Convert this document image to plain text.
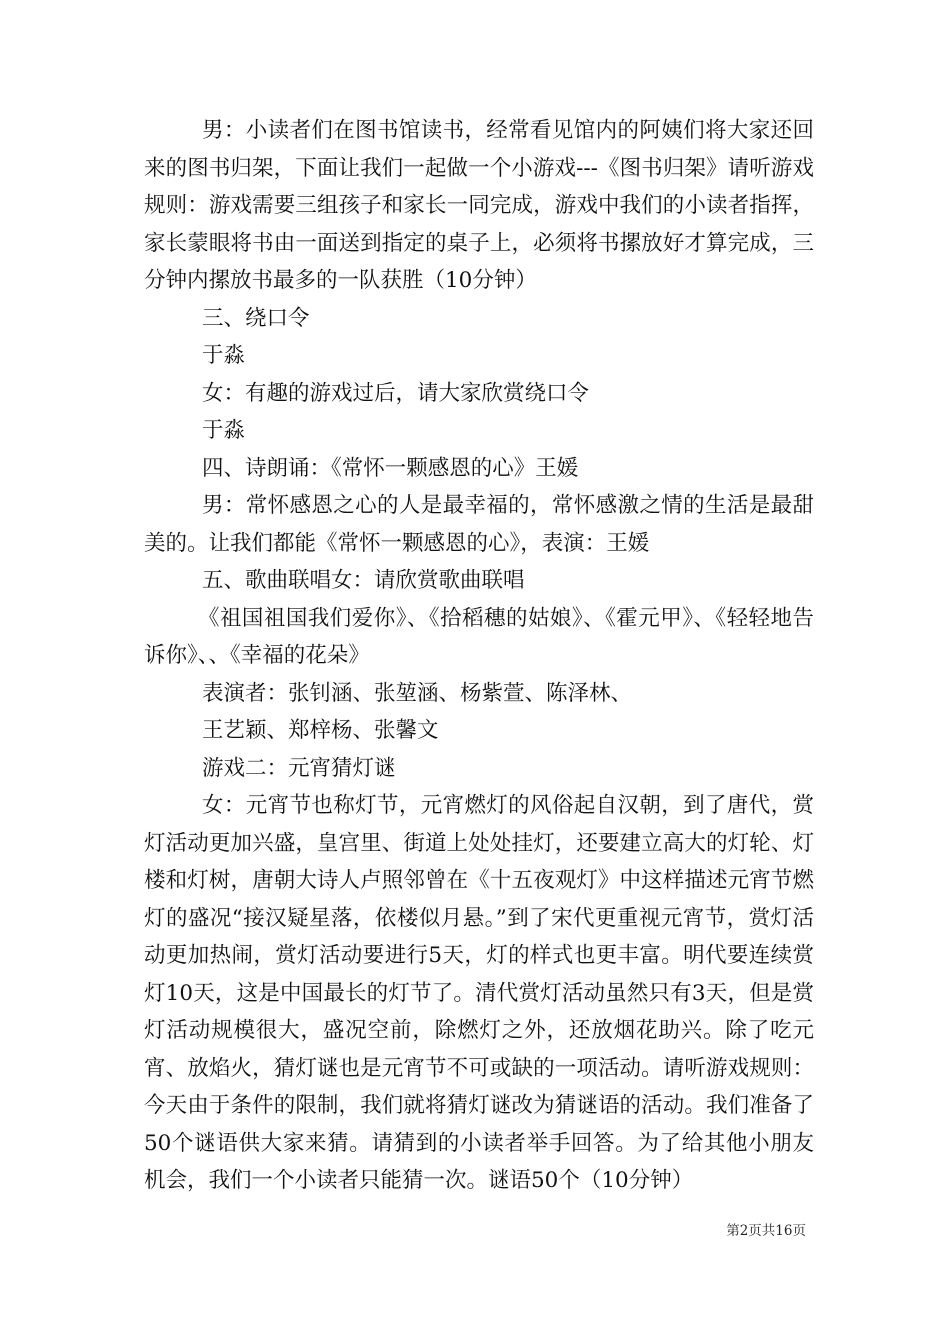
男：小读者们在图书馆读书，经常看见馆内的阿姨们将大家还回来的图书归架，下面让我们一起做一个小游戏---《图书归架》请听游戏规则：游戏需要三组孩子和家长一同完成，游戏中我们的小读者指挥，家长蒙眼将书由一面送到指定的桌子上，必须将书摞放好才算完成，三分钟内摞放书最多的一队获胜（10分钟）

三、绕口令

于淼

女：有趣的游戏过后，请大家欣赏绕口令

于淼

四、诗朗诵：《常怀一颗感恩的心》王媛

男：常怀感恩之心的人是最幸福的，常怀感激之情的生活是最甜美的。让我们都能《常怀一颗感恩的心》，表演：王媛

五、歌曲联唱女：请欣赏歌曲联唱

《祖国祖国我们爱你》、《拾稻穗的姑娘》、《霍元甲》、《轻轻地告诉你》、、《幸福的花朵》

表演者：张钊涵、张堃涵、杨紫萱、陈泽林、

王艺颖、郑梓杨、张馨文

游戏二：元宵猜灯谜

女：元宵节也称灯节，元宵燃灯的风俗起自汉朝，到了唐代，赏灯活动更加兴盛，皇宫里、街道上处处挂灯，还要建立高大的灯轮、灯楼和灯树，唐朝大诗人卢照邻曾在《十五夜观灯》中这样描述元宵节燃灯的盛况“接汉疑星落，依楼似月悬。”到了宋代更重视元宵节，赏灯活动更加热闹，赏灯活动要进行5天，灯的样式也更丰富。明代要连续赏灯10天，这是中国最长的灯节了。清代赏灯活动虽然只有3天，但是赏灯活动规模很大，盛况空前，除燃灯之外，还放烟花助兴。除了吃元宵、放焰火，猜灯谜也是元宵节不可或缺的一项活动。请听游戏规则：今天由于条件的限制，我们就将猜灯谜改为猜谜语的活动。我们准备了50个谜语供大家来猜。请猜到的小读者举手回答。为了给其他小朋友机会，我们一个小读者只能猜一次。谜语50个（10分钟）

第2页共16页
